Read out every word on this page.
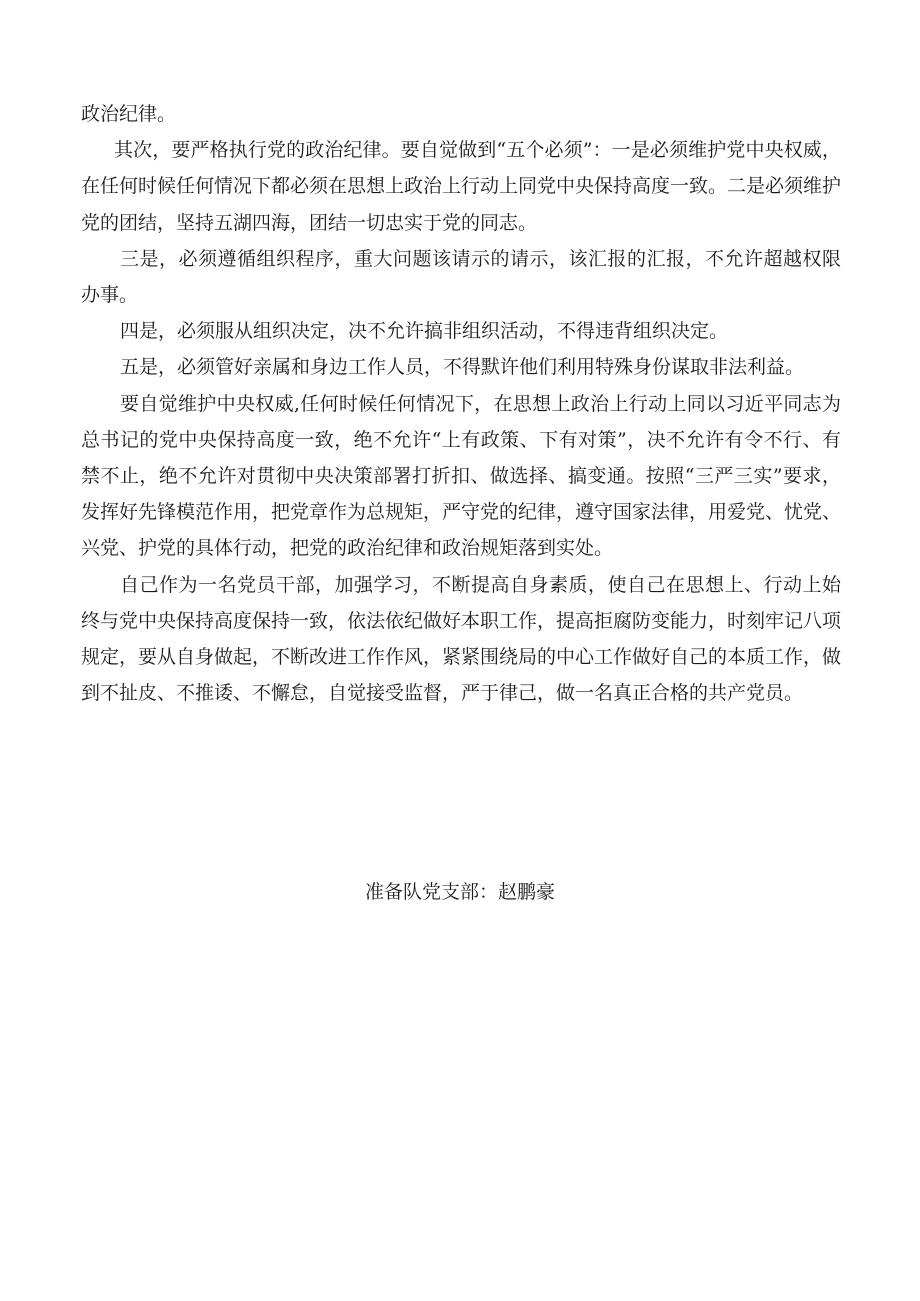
政治纪律。

其次，要严格执行党的政治纪律。要自觉做到“五个必须”：一是必须维护党中央权威，在任何时候任何情况下都必须在思想上政治上行动上同党中央保持高度一致。二是必须维护党的团结，坚持五湖四海，团结一切忠实于党的同志。

三是，必须遵循组织程序，重大问题该请示的请示，该汇报的汇报，不允许超越权限办事。

四是，必须服从组织决定，决不允许搞非组织活动，不得违背组织决定。

五是，必须管好亲属和身边工作人员，不得默许他们利用特殊身份谋取非法利益。

要自觉维护中央权威,任何时候任何情况下，在思想上政治上行动上同以习近平同志为总书记的党中央保持高度一致，绝不允许“上有政策、下有对策”，决不允许有令不行、有禁不止，绝不允许对贯彻中央决策部署打折扣、做选择、搞变通。按照“三严三实”要求，发挥好先锋模范作用，把党章作为总规矩，严守党的纪律，遵守国家法律，用爱党、忧党、兴党、护党的具体行动，把党的政治纪律和政治规矩落到实处。

自己作为一名党员干部，加强学习，不断提高自身素质，使自己在思想上、行动上始终与党中央保持高度保持一致，依法依纪做好本职工作，提高拒腐防变能力，时刻牢记八项规定，要从自身做起，不断改进工作作风，紧紧围绕局的中心工作做好自己的本质工作，做到不扯皮、不推诿、不懈怠，自觉接受监督，严于律己，做一名真正合格的共产党员。

准备队党支部：赵鹏豪
